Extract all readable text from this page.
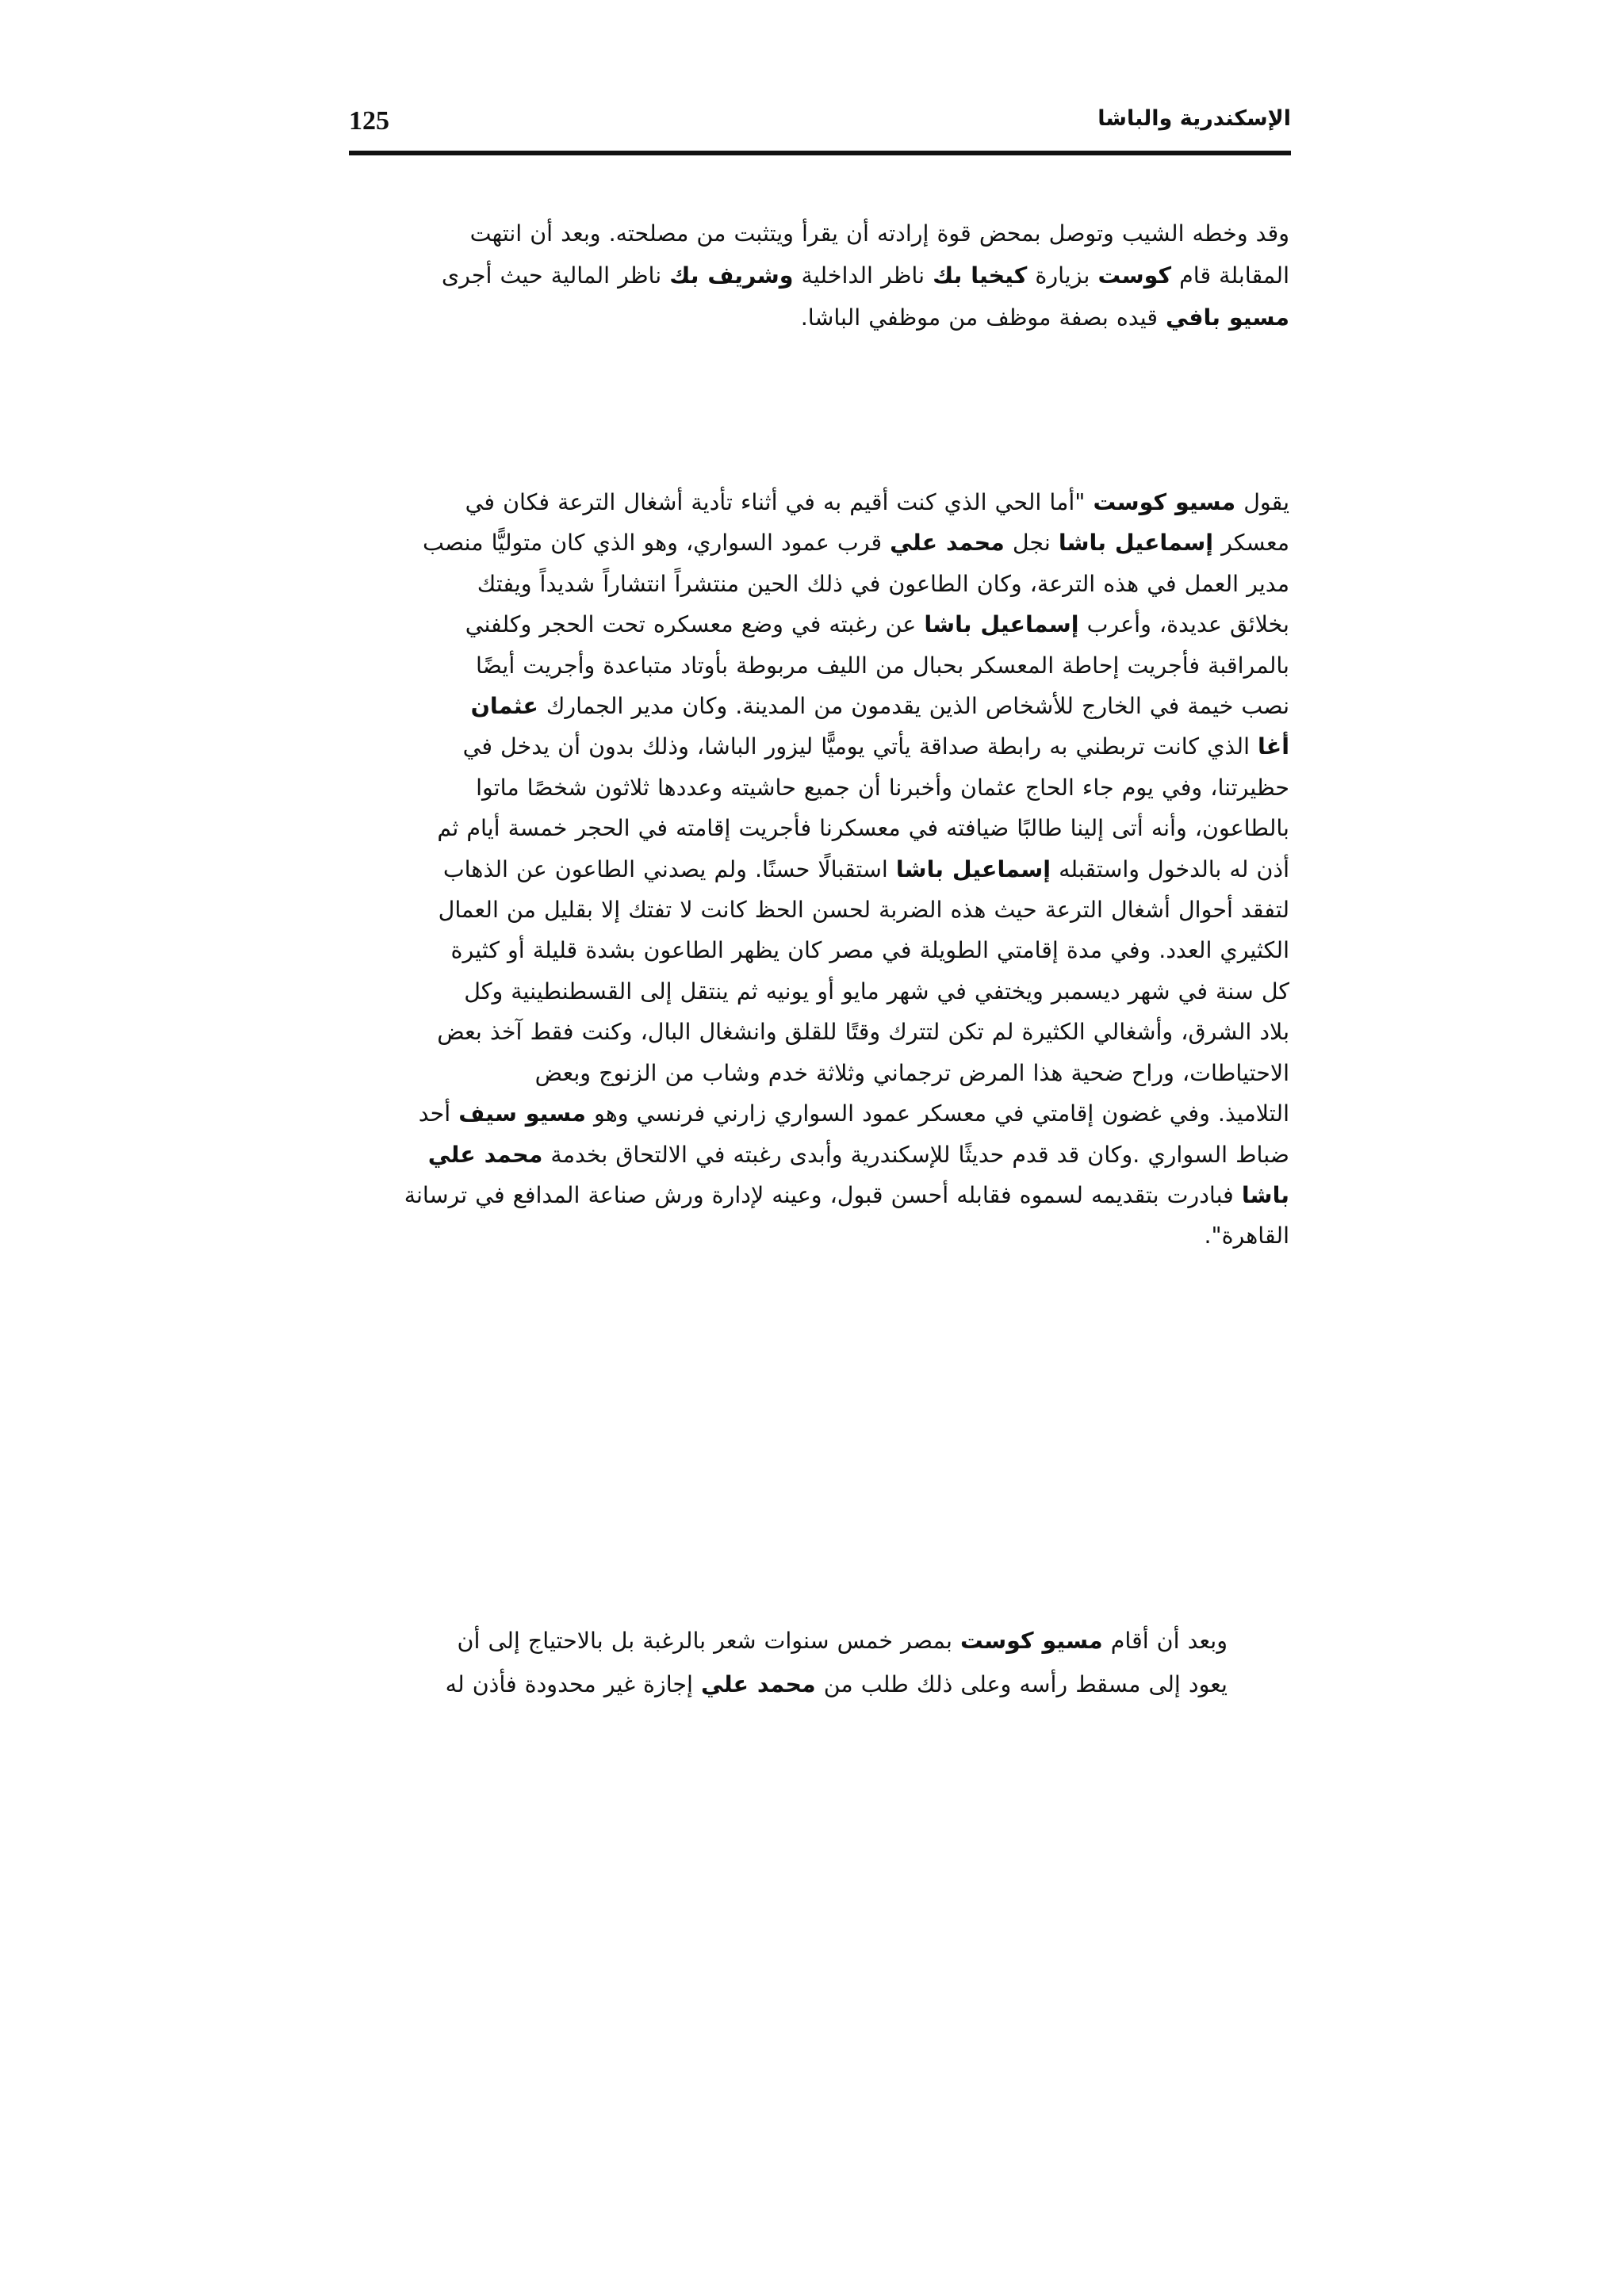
125	الإسكندرية والباشا
وقد وخطه الشيب وتوصل بمحض قوة إرادته أن يقرأ ويتثبت من مصلحته. وبعد أن انتهت
المقابلة قام كوست بزيارة كيخيا بك ناظر الداخلية وشريف بك ناظر المالية حيث أجرى
مسيو بافي قيده بصفة موظف من موظفي الباشا.
يقول مسيو كوست "أما الحي الذي كنت أقيم به في أثناء تأدية أشغال الترعة فكان في
معسكر إسماعيل باشا نجل محمد علي قرب عمود السواري، وهو الذي كان متوليًّا منصب
مدير العمل في هذه الترعة، وكان الطاعون في ذلك الحين منتشراً انتشاراً شديداً ويفتك
بخلائق عديدة، وأعرب إسماعيل باشا عن رغبته في وضع معسكره تحت الحجر وكلفني
بالمراقبة فأجريت إحاطة المعسكر بحبال من الليف مربوطة بأوتاد متباعدة وأجريت أيضًا
نصب خيمة في الخارج للأشخاص الذين يقدمون من المدينة. وكان مدير الجمارك عثمان
أغا الذي كانت تربطني به رابطة صداقة يأتي يوميًّا ليزور الباشا، وذلك بدون أن يدخل في
حظيرتنا، وفي يوم جاء الحاج عثمان وأخبرنا أن جميع حاشيته وعددها ثلاثون شخصًا ماتوا
بالطاعون، وأنه أتى إلينا طالبًا ضيافته في معسكرنا فأجريت إقامته في الحجر خمسة أيام ثم
أذن له بالدخول واستقبله إسماعيل باشا استقبالًا حسنًا. ولم يصدني الطاعون عن الذهاب
لتفقد أحوال أشغال الترعة حيث هذه الضربة لحسن الحظ كانت لا تفتك إلا بقليل من العمال
الكثيري العدد. وفي مدة إقامتي الطويلة في مصر كان يظهر الطاعون بشدة قليلة أو كثيرة
كل سنة في شهر ديسمبر ويختفي في شهر مايو أو يونيه ثم ينتقل إلى القسطنطينية وكل
بلاد الشرق، وأشغالي الكثيرة لم تكن لتترك وقتًا للقلق وانشغال البال، وكنت فقط آخذ بعض
الاحتياطات، وراح ضحية هذا المرض ترجماني وثلاثة خدم وشاب من الزنوج وبعض
التلاميذ. وفي غضون إقامتي في معسكر عمود السواري زارني فرنسي وهو مسيو سيف أحد
ضباط السواري .وكان قد قدم حديثًا للإسكندرية وأبدى رغبته في الالتحاق بخدمة محمد علي
باشا فبادرت بتقديمه لسموه فقابله أحسن قبول، وعينه لإدارة ورش صناعة المدافع في ترسانة
القاهرة".
وبعد أن أقام مسيو كوست بمصر خمس سنوات شعر بالرغبة بل بالاحتياج إلى أن
يعود إلى مسقط رأسه وعلى ذلك طلب من محمد علي إجازة غير محدودة فأذن له
